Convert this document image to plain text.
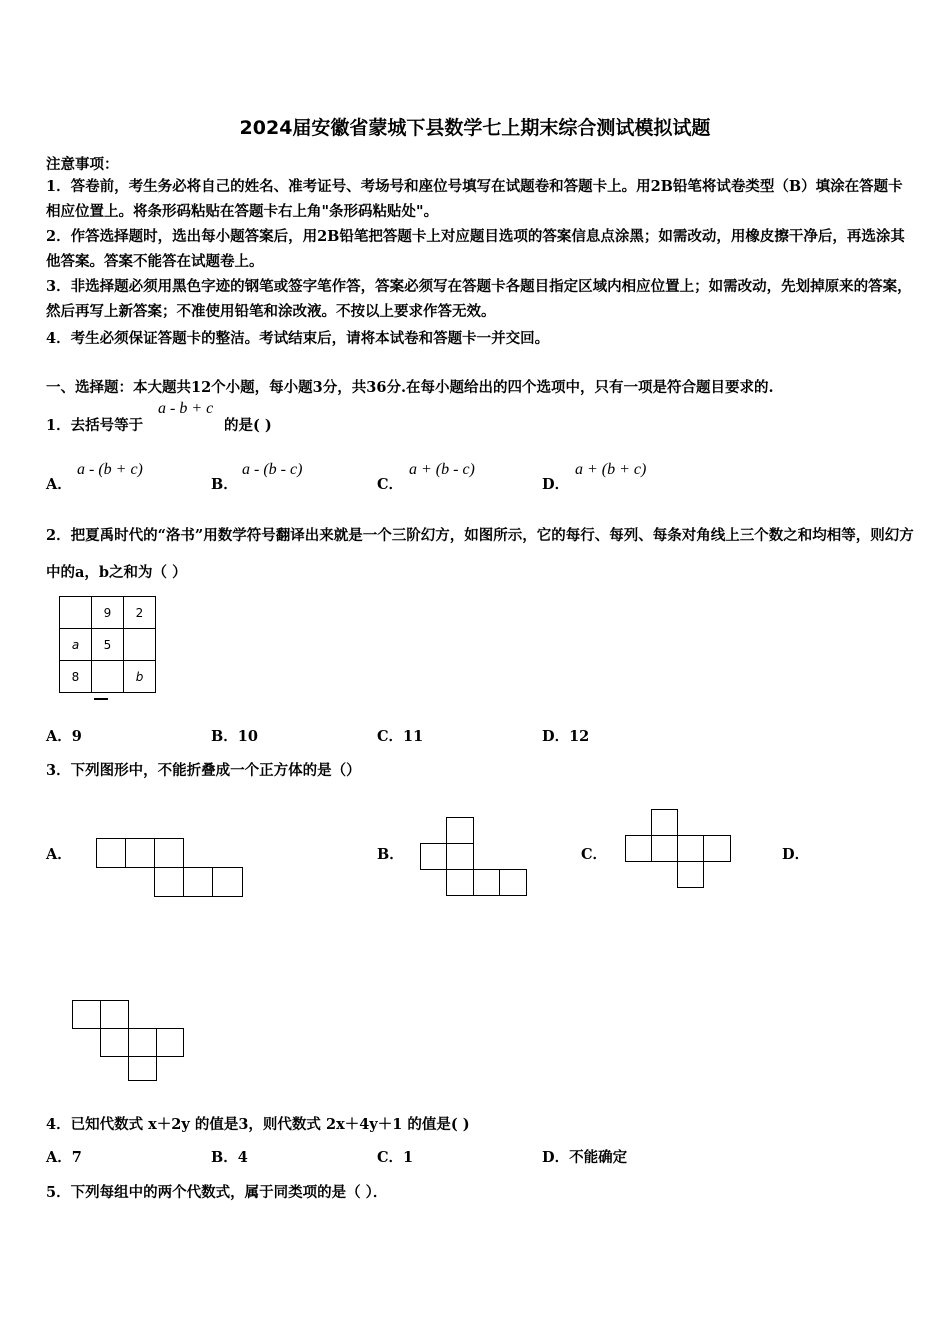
2024届安徽省蒙城下县数学七上期末综合测试模拟试题
注意事项：
1．答卷前，考生务必将自己的姓名、准考证号、考场号和座位号填写在试题卷和答题卡上。用2B铅笔将试卷类型（B）填涂在答题卡相应位置上。将条形码粘贴在答题卡右上角"条形码粘贴处"。
2．作答选择题时，选出每小题答案后，用2B铅笔把答题卡上对应题目选项的答案信息点涂黑；如需改动，用橡皮擦干净后，再选涂其他答案。答案不能答在试题卷上。
3．非选择题必须用黑色字迹的钢笔或签字笔作答，答案必须写在答题卡各题目指定区域内相应位置上；如需改动，先划掉原来的答案，然后再写上新答案；不准使用铅笔和涂改液。不按以上要求作答无效。
4．考生必须保证答题卡的整洁。考试结束后，请将本试卷和答题卡一并交回。
一、选择题：本大题共12个小题，每小题3分，共36分.在每小题给出的四个选项中，只有一项是符合题目要求的.
1．去括号等于
a - b + c
的是( )
A．
a - (b + c)
B．
a - (b - c)
C．
a + (b - c)
D．
a + (b + c)
2．把夏禹时代的“洛书”用数学符号翻译出来就是一个三阶幻方，如图所示，它的每行、每列、每条对角线上三个数之和均相等，则幻方中的a，b之和为（ ）
	9	2
a	5	
8		b
A．9	B．10	C．11	D．12
3．下列图形中，不能折叠成一个正方体的是（）
A．	B．	C．	D．
4．已知代数式 x＋2y 的值是3，则代数式 2x＋4y＋1 的值是( )
A．7	B．4	C．1	D．不能确定
5．下列每组中的两个代数式，属于同类项的是（ ）．
